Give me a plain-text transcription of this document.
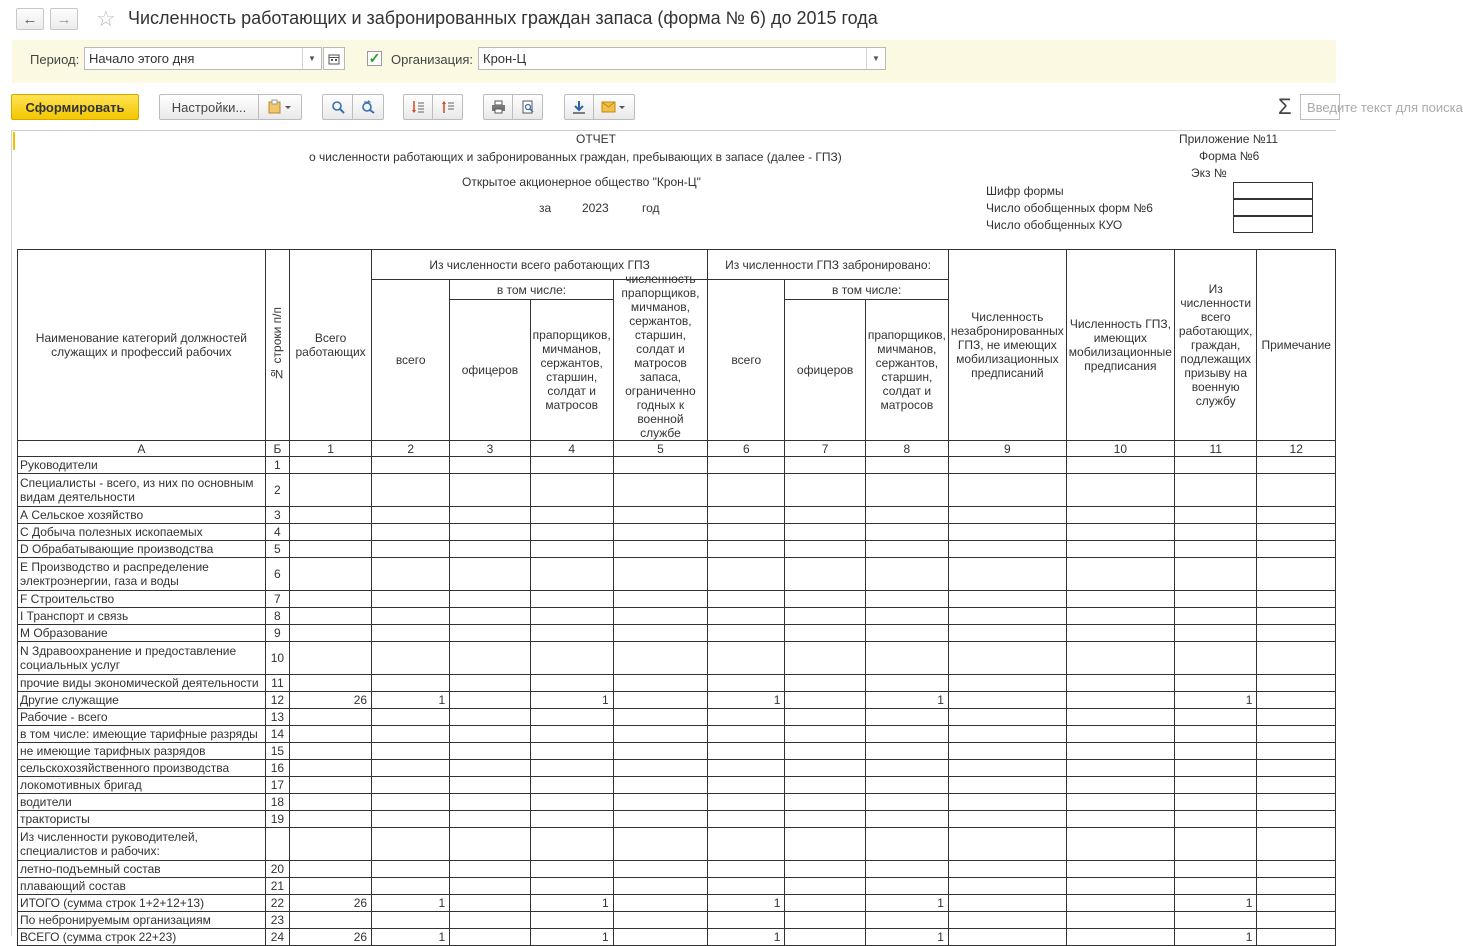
← → ☆ Численность работающих и забронированных граждан запаса (форма № 6) до 2015 года
Период: Начало этого дня	▼	✓ Организация: Крон-Ц	▼
Сформировать	Настройки...	Σ	Введите текст для поиска
ОТЧЕТ
о численности работающих и забронированных граждан, пребывающих в запасе (далее - ГПЗ)
Открытое акционерное общество "Крон-Ц"
за	2023	год
Приложение №11
Форма №6
Экз №
Шифр формы
Число обобщенных форм №6
Число обобщенных КУО
Наименование категорий должностей служащих и профессий рабочих	№ строки п/п	Всего работающих	Из численности всего работающих ГПЗ				Из численности ГПЗ забронировано:			Численность незабронированных ГПЗ, не имеющих мобилизационных предписаний	Численность ГПЗ, имеющих мобилизационные предписания	Из численности всего работающих, граждан, подлежащих призыву на военную службу	Примечание
			всего	в том числе:		численность прапорщиков, мичманов, сержантов, старшин, солдат и матросов запаса, ограниченно годных к военной службе	всего	в том числе:					
				офицеров	прапорщиков, мичманов, сержантов, старшин, солдат и матросов			офицеров	прапорщиков, мичманов, сержантов, старшин, солдат и матросов				
А	Б	1	2	3	4	5	6	7	8	9	10	11	12
Руководители	1												
Специалисты - всего, из них по основным видам деятельности	2												
А Сельское хозяйство	3												
С Добыча полезных ископаемых	4												
D Обрабатывающие производства	5												
Е Производство и распределение электроэнергии, газа и воды	6												
F Строительство	7												
I Транспорт и связь	8												
М Образование	9												
N Здравоохранение и предоставление социальных услуг	10												
прочие виды экономической деятельности	11												
Другие служащие	12	26	1		1		1		1			1	
Рабочие - всего	13												
в том числе: имеющие тарифные разряды	14												
не имеющие тарифных разрядов	15												
сельскохозяйственного производства	16												
локомотивных бригад	17												
водители	18												
трактористы	19												
Из численности руководителей, специалистов и рабочих:													
летно-подъемный состав	20												
плавающий состав	21												
ИТОГО (сумма строк 1+2+12+13)	22	26	1		1		1		1			1	
По небронируемым организациям	23												
ВСЕГО (сумма строк 22+23)	24	26	1		1		1		1			1	
